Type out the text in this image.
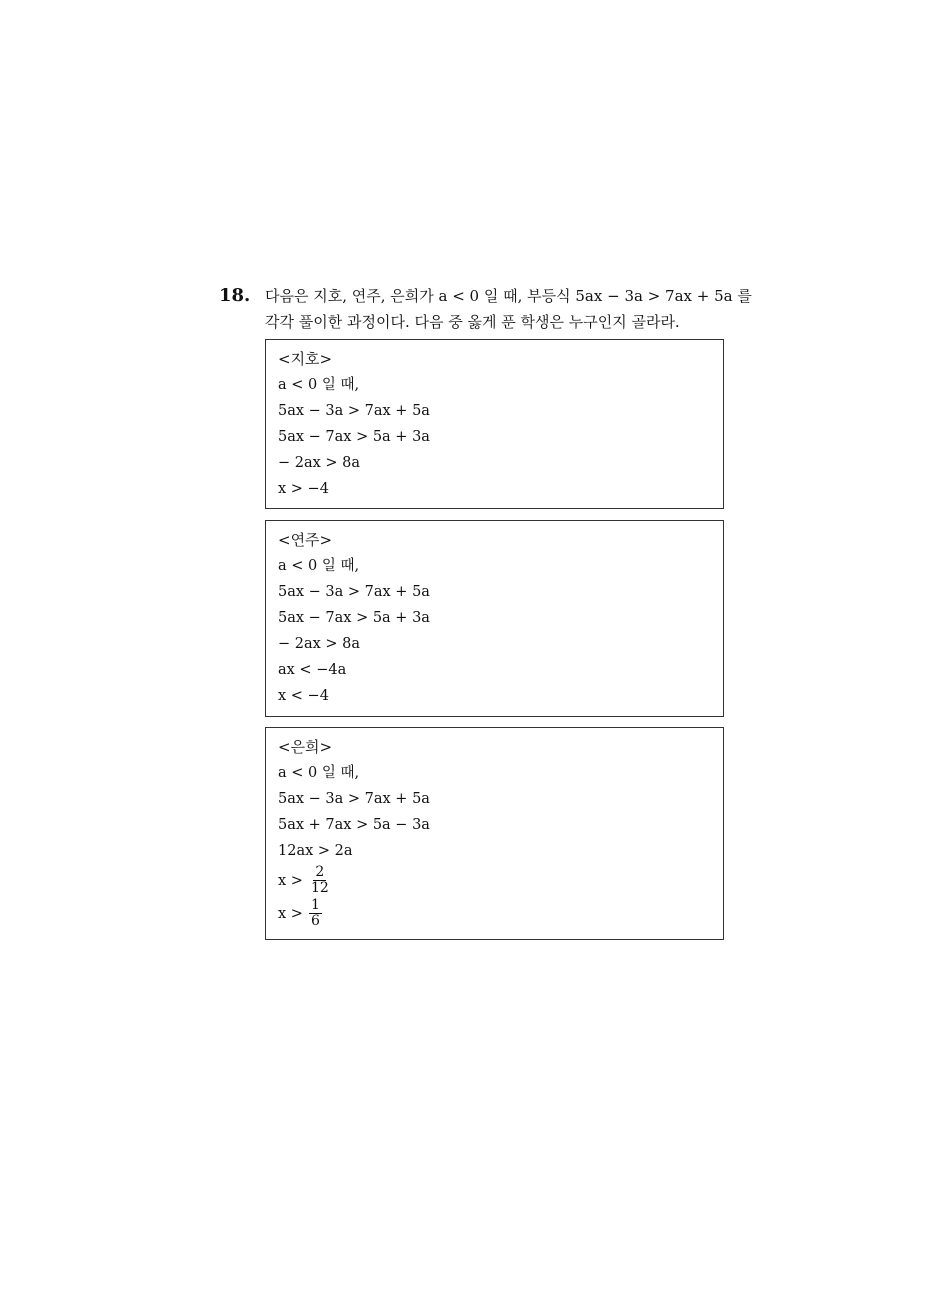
18. 다음은 지호, 연주, 은희가 a < 0 일 때, 부등식 5ax − 3a > 7ax + 5a 를
각각 풀이한 과정이다. 다음 중 옳게 푼 학생은 누구인지 골라라.
<지호>
a < 0 일 때,
5ax − 3a > 7ax + 5a
5ax − 7ax > 5a + 3a
− 2ax > 8a
x > −4
<연주>
a < 0 일 때,
5ax − 3a > 7ax + 5a
5ax − 7ax > 5a + 3a
− 2ax > 8a
ax < −4a
x < −4
<은희>
a < 0 일 때,
5ax − 3a > 7ax + 5a
5ax + 7ax > 5a − 3a
12ax > 2a
$x > \frac{2}{12}$
$x > \frac{1}{6}$
